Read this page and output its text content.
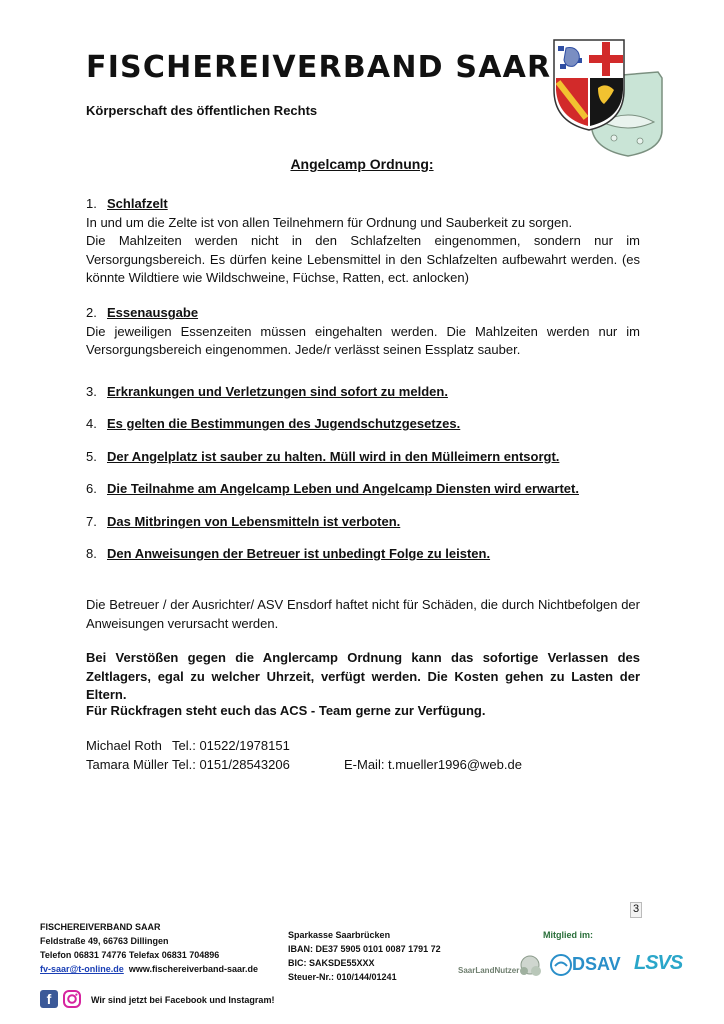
FISCHEREIVERBAND SAAR
Körperschaft des öffentlichen Rechts
Angelcamp Ordnung:
1. Schlafzelt
In und um die Zelte ist von allen Teilnehmern für Ordnung und Sauberkeit zu sorgen.
Die Mahlzeiten werden nicht in den Schlafzelten eingenommen, sondern nur im Versorgungsbereich. Es dürfen keine Lebensmittel in den Schlafzelten aufbewahrt werden. (es könnte Wildtiere wie Wildschweine, Füchse, Ratten, ect. anlocken)
2. Essenausgabe
Die jeweiligen Essenzeiten müssen eingehalten werden. Die Mahlzeiten werden nur im Versorgungsbereich eingenommen. Jede/r verlässt seinen Essplatz sauber.
3. Erkrankungen und Verletzungen sind sofort zu melden.
4. Es gelten die Bestimmungen des Jugendschutzgesetzes.
5. Der Angelplatz ist sauber zu halten. Müll wird in den Mülleimern entsorgt.
6. Die Teilnahme am Angelcamp Leben und Angelcamp Diensten wird erwartet.
7. Das Mitbringen von Lebensmitteln ist verboten.
8. Den Anweisungen der Betreuer ist unbedingt Folge zu leisten.
Die Betreuer / der Ausrichter/ ASV Ensdorf haftet nicht für Schäden, die durch Nichtbefolgen der Anweisungen verursacht werden.
Bei Verstößen gegen die Anglercamp Ordnung kann das sofortige Verlassen des Zeltlagers, egal zu welcher Uhrzeit, verfügt werden. Die Kosten gehen zu Lasten der Eltern.
Für Rückfragen steht euch das ACS - Team gerne zur Verfügung.
Michael Roth Tel.: 01522/1978151
Tamara Müller Tel.: 0151/28543206	E-Mail: t.mueller1996@web.de
3
FISCHEREIVERBAND SAAR
Feldstraße 49, 66763 Dillingen
Telefon 06831 74776 Telefax 06831 704896
fv-saar@t-online.de www.fischereiverband-saar.de
Sparkasse Saarbrücken
IBAN: DE37 5905 0101 0087 1791 72
BIC: SAKSDE55XXX
Steuer-Nr.: 010/144/01241
Mitglied im:
SaarLandNutzer	DSAV LSVS
f	Wir sind jetzt bei Facebook und Instagram!
